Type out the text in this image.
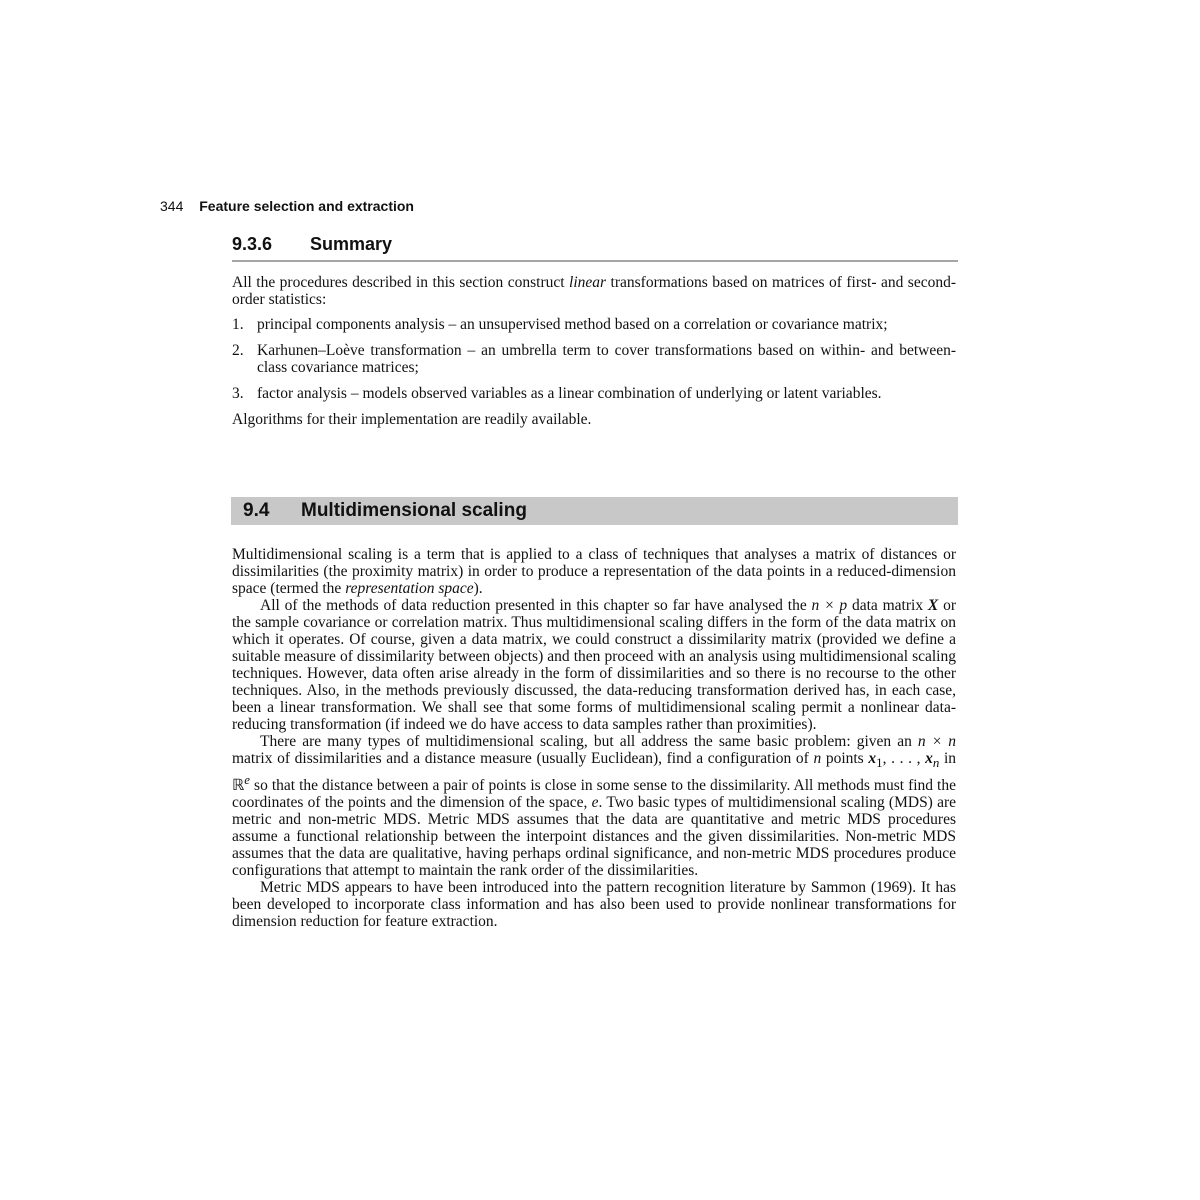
344 Feature selection and extraction
9.3.6 Summary

All the procedures described in this section construct linear transformations based on matrices of first- and second-order statistics:

1. principal components analysis – an unsupervised method based on a correlation or covariance matrix;
2. Karhunen–Loève transformation – an umbrella term to cover transformations based on within- and between-class covariance matrices;
3. factor analysis – models observed variables as a linear combination of underlying or latent variables.

Algorithms for their implementation are readily available.

9.4 Multidimensional scaling

Multidimensional scaling is a term that is applied to a class of techniques that analyses a matrix of distances or dissimilarities (the proximity matrix) in order to produce a representation of the data points in a reduced-dimension space (termed the representation space).

All of the methods of data reduction presented in this chapter so far have analysed the n × p data matrix X or the sample covariance or correlation matrix. Thus multidimensional scaling differs in the form of the data matrix on which it operates. Of course, given a data matrix, we could construct a dissimilarity matrix (provided we define a suitable measure of dissimilarity between objects) and then proceed with an analysis using multidimensional scaling techniques. However, data often arise already in the form of dissimilarities and so there is no recourse to the other techniques. Also, in the methods previously discussed, the data-reducing transformation derived has, in each case, been a linear transformation. We shall see that some forms of multidimensional scaling permit a nonlinear data-reducing transformation (if indeed we do have access to data samples rather than proximities).

There are many types of multidimensional scaling, but all address the same basic problem: given an n × n matrix of dissimilarities and a distance measure (usually Euclidean), find a configuration of n points $x_1$, . . . , $x_n$ in ℝ$^e$ so that the distance between a pair of points is close in some sense to the dissimilarity. All methods must find the coordinates of the points and the dimension of the space, e. Two basic types of multidimensional scaling (MDS) are metric and non-metric MDS. Metric MDS assumes that the data are quantitative and metric MDS procedures assume a functional relationship between the interpoint distances and the given dissimilarities. Non-metric MDS assumes that the data are qualitative, having perhaps ordinal significance, and non-metric MDS procedures produce configurations that attempt to maintain the rank order of the dissimilarities.

Metric MDS appears to have been introduced into the pattern recognition literature by Sammon (1969). It has been developed to incorporate class information and has also been used to provide nonlinear transformations for dimension reduction for feature extraction.
